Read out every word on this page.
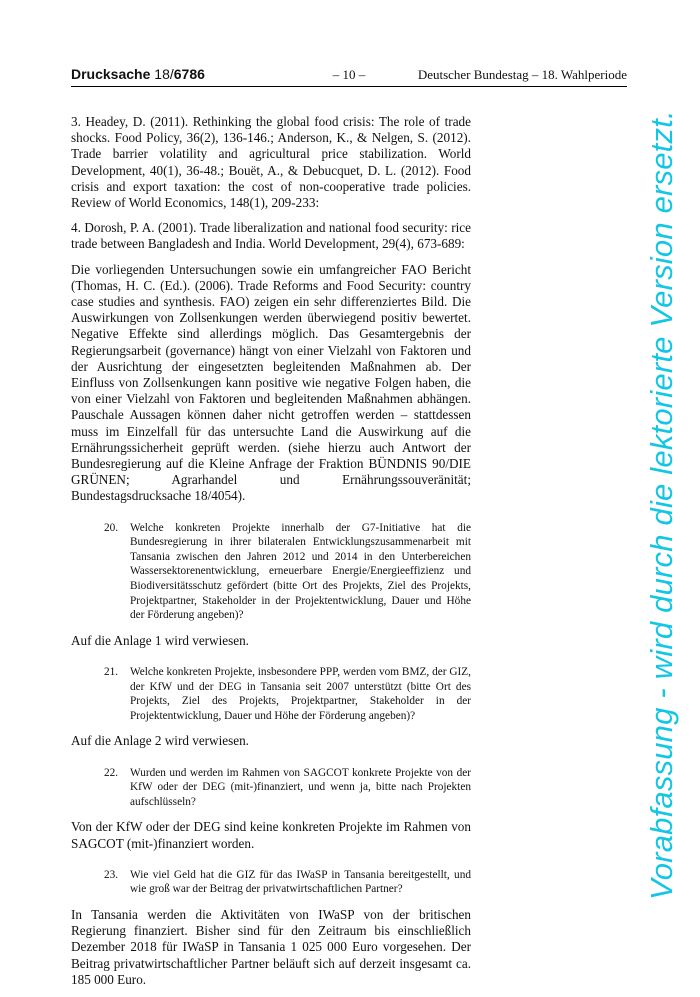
Drucksache 18/6786	– 10 –	Deutscher Bundestag – 18. Wahlperiode

3. Headey, D. (2011). Rethinking the global food crisis: The role of trade shocks. Food Policy, 36(2), 136-146.; Anderson, K., & Nelgen, S. (2012). Trade barrier volatility and agricultural price stabilization. World Development, 40(1), 36-48.; Bouët, A., & Debucquet, D. L. (2012). Food crisis and export taxation: the cost of non-cooperative trade policies. Review of World Economics, 148(1), 209-233:

4. Dorosh, P. A. (2001). Trade liberalization and national food security: rice trade between Bangladesh and India. World Development, 29(4), 673-689:

Die vorliegenden Untersuchungen sowie ein umfangreicher FAO Bericht (Thomas, H. C. (Ed.). (2006). Trade Reforms and Food Security: country case studies and synthesis. FAO) zeigen ein sehr differenziertes Bild. Die Auswirkungen von Zollsenkungen werden überwiegend positiv bewertet. Negative Effekte sind allerdings möglich. Das Gesamtergebnis der Regierungsarbeit (governance) hängt von einer Vielzahl von Faktoren und der Ausrichtung der eingesetzten begleitenden Maßnahmen ab. Der Einfluss von Zollsenkungen kann positive wie negative Folgen haben, die von einer Vielzahl von Faktoren und begleitenden Maßnahmen abhängen. Pauschale Aussagen können daher nicht getroffen werden – stattdessen muss im Einzelfall für das untersuchte Land die Auswirkung auf die Ernährungssicherheit geprüft werden. (siehe hierzu auch Antwort der Bundesregierung auf die Kleine Anfrage der Fraktion BÜNDNIS 90/DIE GRÜNEN; Agrarhandel und Ernährungssouveränität; Bundestagsdrucksache 18/4054).

20. Welche konkreten Projekte innerhalb der G7-Initiative hat die Bundesregierung in ihrer bilateralen Entwicklungszusammenarbeit mit Tansania zwischen den Jahren 2012 und 2014 in den Unterbereichen Wassersektorenentwicklung, erneuerbare Energie/Energieeffizienz und Biodiversitätsschutz gefördert (bitte Ort des Projekts, Ziel des Projekts, Projektpartner, Stakeholder in der Projektentwicklung, Dauer und Höhe der Förderung angeben)?

Auf die Anlage 1 wird verwiesen.

21. Welche konkreten Projekte, insbesondere PPP, werden vom BMZ, der GIZ, der KfW und der DEG in Tansania seit 2007 unterstützt (bitte Ort des Projekts, Ziel des Projekts, Projektpartner, Stakeholder in der Projektentwicklung, Dauer und Höhe der Förderung angeben)?

Auf die Anlage 2 wird verwiesen.

22. Wurden und werden im Rahmen von SAGCOT konkrete Projekte von der KfW oder der DEG (mit-)finanziert, und wenn ja, bitte nach Projekten aufschlüsseln?

Von der KfW oder der DEG sind keine konkreten Projekte im Rahmen von SAGCOT (mit-)finanziert worden.

23. Wie viel Geld hat die GIZ für das IWaSP in Tansania bereitgestellt, und wie groß war der Beitrag der privatwirtschaftlichen Partner?

In Tansania werden die Aktivitäten von IWaSP von der britischen Regierung finanziert. Bisher sind für den Zeitraum bis einschließlich Dezember 2018 für IWaSP in Tansania 1 025 000 Euro vorgesehen. Der Beitrag privatwirtschaftlicher Partner beläuft sich auf derzeit insgesamt ca. 185 000 Euro.

Vorabfassung - wird durch die lektorierte Version ersetzt.
